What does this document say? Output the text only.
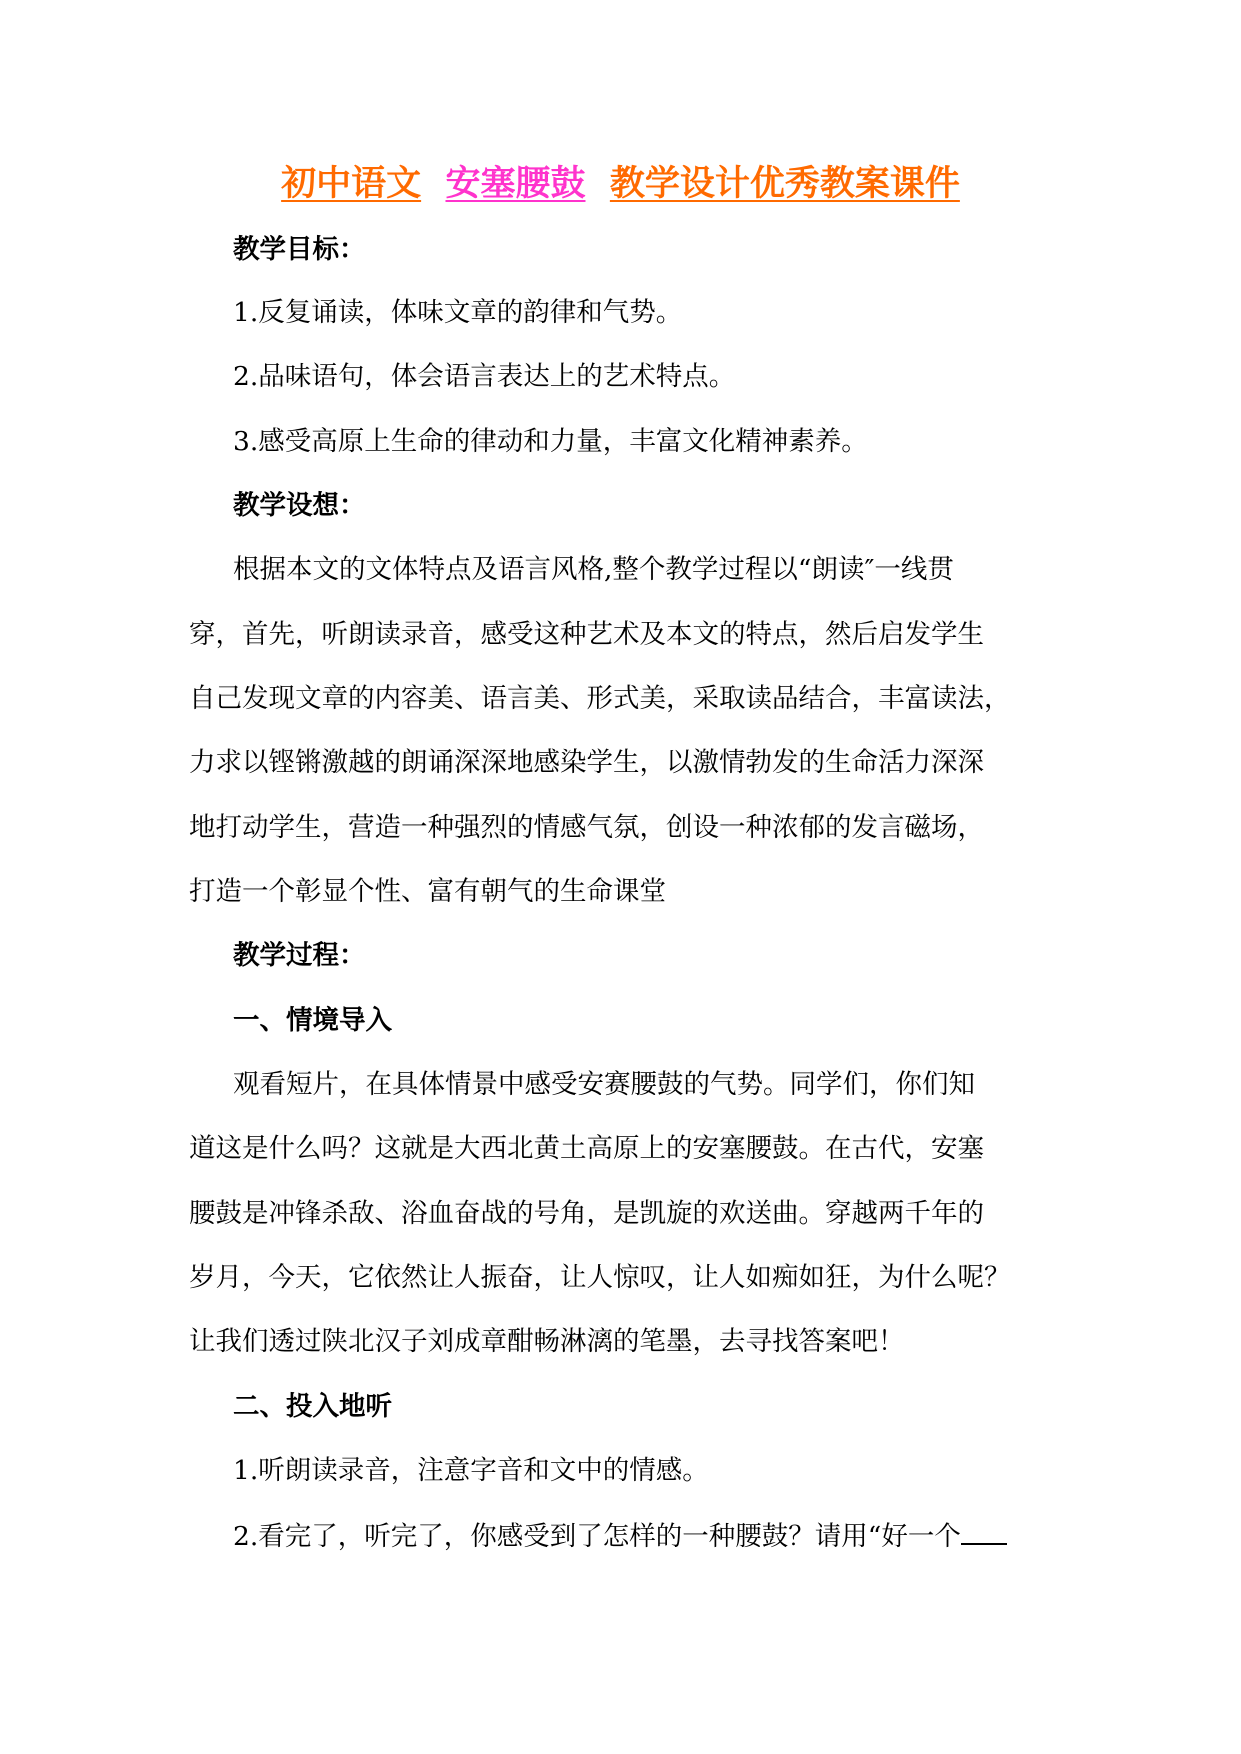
初中语文 安塞腰鼓 教学设计优秀教案课件
教学目标：
1.反复诵读，体味文章的韵律和气势。
2.品味语句，体会语言表达上的艺术特点。
3.感受高原上生命的律动和力量，丰富文化精神素养。
教学设想：
根据本文的文体特点及语言风格,整个教学过程以“朗读″一线贯
穿，首先，听朗读录音，感受这种艺术及本文的特点，然后启发学生
自己发现文章的内容美、语言美、形式美，采取读品结合，丰富读法，
力求以铿锵激越的朗诵深深地感染学生，以激情勃发的生命活力深深
地打动学生，营造一种强烈的情感气氛，创设一种浓郁的发言磁场，
打造一个彰显个性、富有朝气的生命课堂
教学过程：
一、情境导入
观看短片，在具体情景中感受安赛腰鼓的气势。同学们，你们知
道这是什么吗？这就是大西北黄土高原上的安塞腰鼓。在古代，安塞
腰鼓是冲锋杀敌、浴血奋战的号角，是凯旋的欢送曲。穿越两千年的
岁月，今天，它依然让人振奋，让人惊叹，让人如痴如狂，为什么呢？
让我们透过陕北汉子刘成章酣畅淋漓的笔墨，去寻找答案吧！
二、投入地听
1.听朗读录音，注意字音和文中的情感。
2.看完了，听完了，你感受到了怎样的一种腰鼓？请用“好一个
